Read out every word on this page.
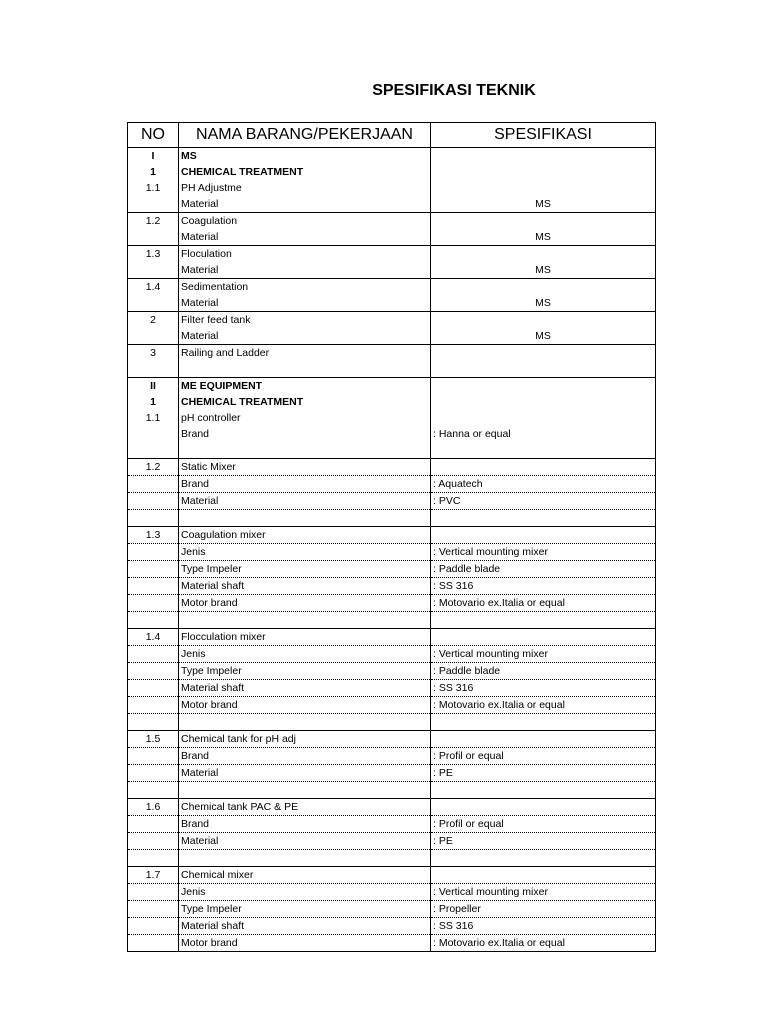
SPESIFIKASI TEKNIK
NO	NAMA BARANG/PEKERJAAN	SPESIFIKASI
I	MS	
1	CHEMICAL TREATMENT	
1.1	PH Adjustme	
	Material	MS
1.2	Coagulation	
	Material	MS
1.3	Floculation	
	Material	MS
1.4	Sedimentation	
	Material	MS
2	Filter feed tank	
	Material	MS
3	Railing and Ladder	

II	ME EQUIPMENT	
1	CHEMICAL TREATMENT	
1.1	pH controller	
	Brand	: Hanna or equal

1.2	Static Mixer	
	Brand	: Aquatech
	Material	: PVC

1.3	Coagulation mixer	
	Jenis	: Vertical mounting mixer
	Type Impeler	: Paddle blade
	Material shaft	: SS 316
	Motor brand	: Motovario ex.Italia or equal

1.4	Flocculation mixer	
	Jenis	: Vertical mounting mixer
	Type Impeler	: Paddle blade
	Material shaft	: SS 316
	Motor brand	: Motovario ex.Italia or equal

1.5	Chemical tank for pH adj	
	Brand	: Profil or equal
	Material	: PE

1.6	Chemical tank PAC & PE	
	Brand	: Profil or equal
	Material	: PE

1.7	Chemical mixer	
	Jenis	: Vertical mounting mixer
	Type Impeler	: Propeller
	Material shaft	: SS 316
	Motor brand	: Motovario ex.Italia or equal
